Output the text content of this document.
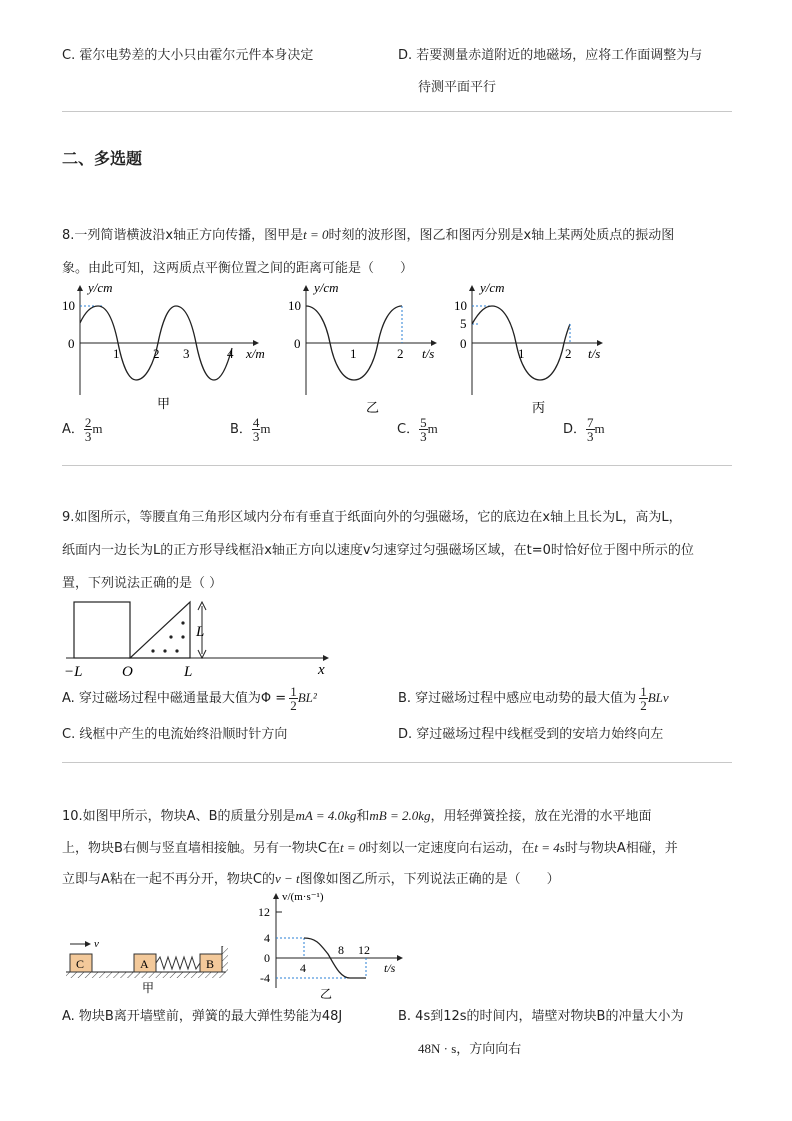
C. 霍尔电势差的大小只由霍尔元件本身决定	D. 若要测量赤道附近的地磁场，应将工作面调整为与
待测平面平行
二、多选题
8.一列简谐横波沿x轴正方向传播，图甲是t = 0时刻的波形图，图乙和图丙分别是x轴上某两处质点的振动图
象。由此可知，这两质点平衡位置之间的距离可能是（　　）
y/cm
10
0
1	2 3	4 x/m
甲
y/cm
10
0
1	2 t/s
乙
y/cm
10
5
0
1	2 t/s
丙
A． $\frac{2}{3}$ m	B． $\frac{4}{3}$ m	C． $\frac{5}{3}$ m	D． $\frac{7}{3}$ m
9.如图所示，等腰直角三角形区域内分布有垂直于纸面向外的匀强磁场，它的底边在x轴上且长为L，高为L，
纸面内一边长为L的正方形导线框沿x轴正方向以速度v匀速穿过匀强磁场区域，在t=0时恰好位于图中所示的位
置，下列说法正确的是（ ）
−L	O	L	x
L
A. 穿过磁场过程中磁通量最大值为$\Phi = \frac{1}{2} BL^2$	B. 穿过磁场过程中感应电动势的最大值为 $\frac{1}{2}$ BLv
C. 线框中产生的电流始终沿顺时针方向	D. 穿过磁场过程中线框受到的安培力始终向左
10.如图甲所示，物块A、B的质量分别是mA = 4.0kg和mB = 2.0kg，用轻弹簧拴接，放在光滑的水平地面
上，物块B右侧与竖直墙相接触。另有一物块C在t = 0时刻以一定速度向右运动，在t = 4s时与物块A相碰，并
立即与A粘在一起不再分开，物块C的v − t图像如图乙所示，下列说法正确的是（　　）
v
C	A	B
甲
v/(m·s⁻¹)
12
4
0
-4
4
8 12
t/s
乙
A. 物块B离开墙壁前，弹簧的最大弹性势能为48J	B. 4s到12s的时间内，墙壁对物块B的冲量大小为
48N · s，方向向右
